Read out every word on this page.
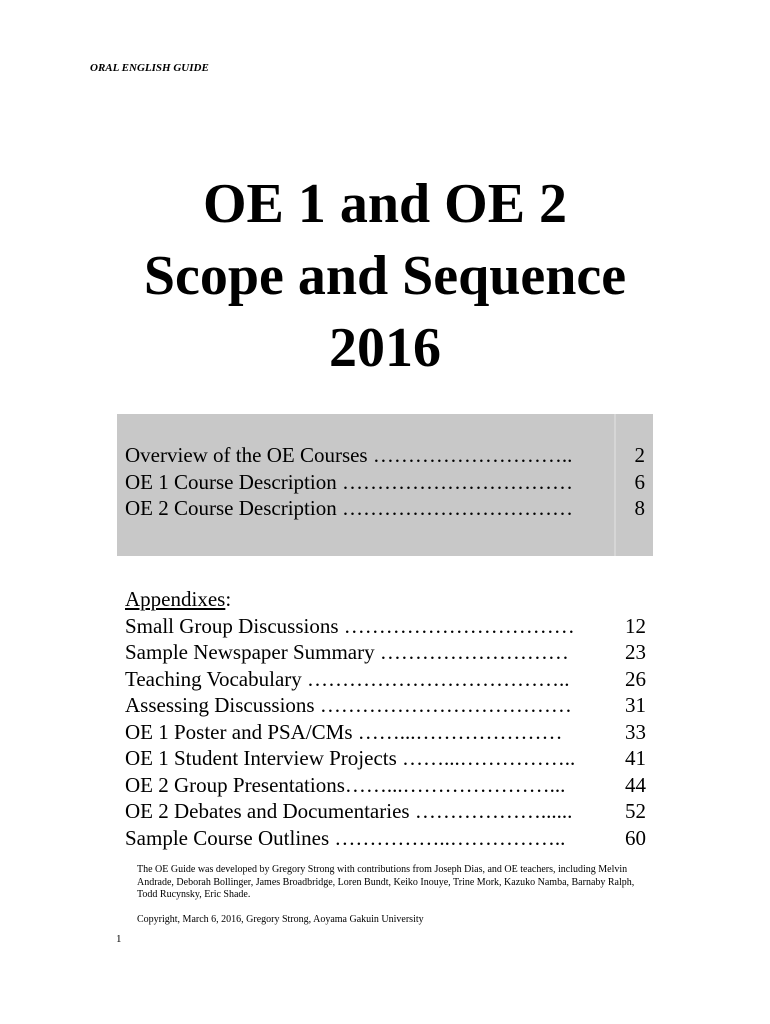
ORAL ENGLISH GUIDE
OE 1 and OE 2
Scope and Sequence
2016
Overview of the OE Courses ………………………..	2
OE 1 Course Description ……………………………	6
OE 2 Course Description ……………………………	8
Appendixes:
Small Group Discussions …………………………… 12
Sample Newspaper Summary ………………………	23
Teaching Vocabulary ………………………………..	26
Assessing Discussions ………………………………	31
OE 1 Poster and PSA/CMs ……...…………………	33
OE 1 Student Interview Projects ……...…………….. 41
OE 2 Group Presentations……...…………………...	44
OE 2 Debates and Documentaries ………………......	52
Sample Course Outlines ……………..……………..	60

The OE Guide was developed by Gregory Strong with contributions from Joseph Dias, and OE teachers, including Melvin Andrade, Deborah Bollinger, James Broadbridge, Loren Bundt, Keiko Inouye, Trine Mork, Kazuko Namba, Barnaby Ralph, Todd Rucynsky, Eric Shade.

Copyright, March 6, 2016, Gregory Strong, Aoyama Gakuin University

1
